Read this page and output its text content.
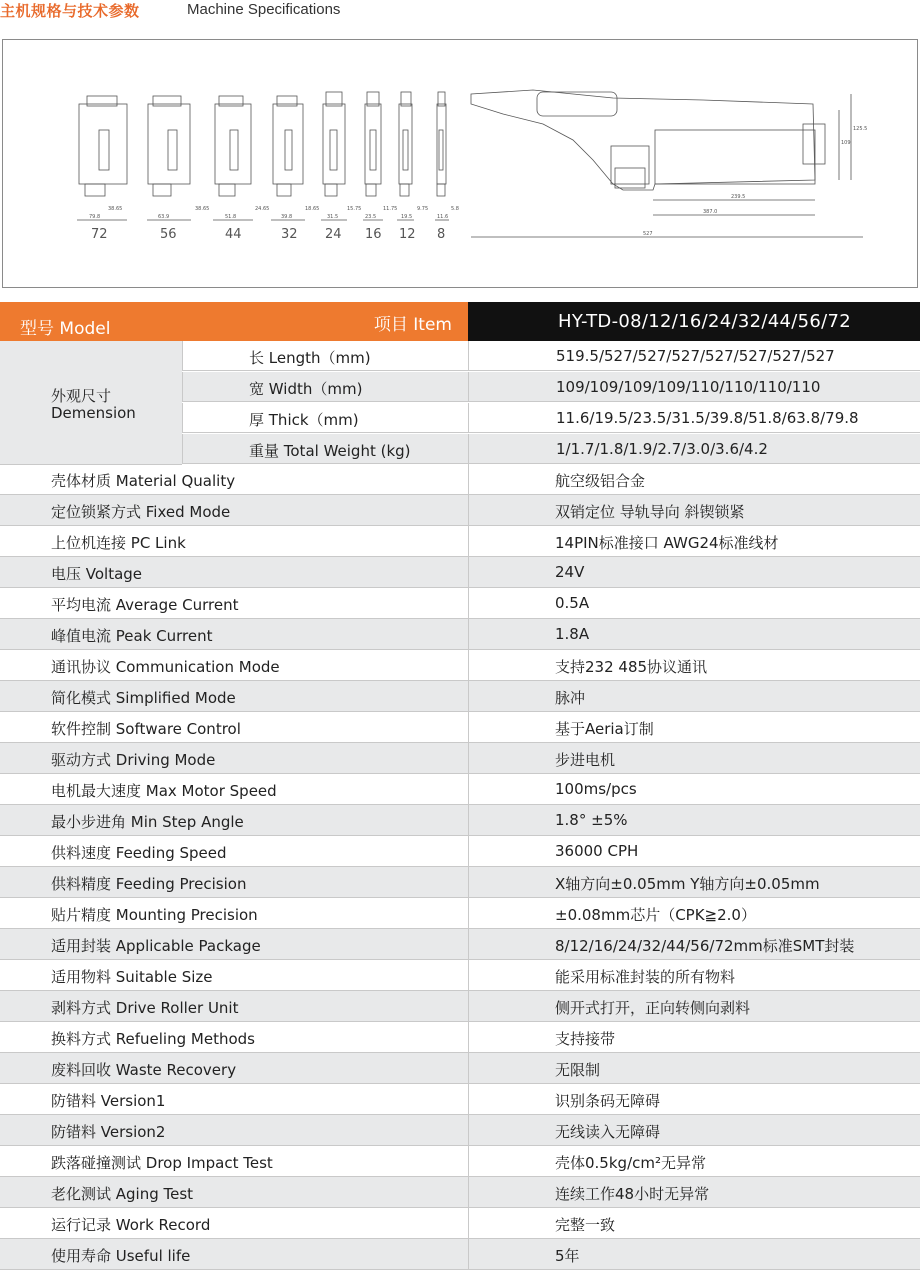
主机规格与技术参数	Machine Specifications
79.8
38.65
63.9
38.65
51.8
24.65
39.8
18.65
31.5
15.75
23.5
11.75
19.5
9.75
11.6
5.8
239.5
387.0
527
109
125.5
72	56	44	32 24 16 12 8
型号 Model	项目 Item	HY-TD-08/12/16/24/32/44/56/72
外观尺寸
Demension
长 Length（mm)	519.5/527/527/527/527/527/527/527
宽 Width（mm)	109/109/109/109/110/110/110/110
厚 Thick（mm)	11.6/19.5/23.5/31.5/39.8/51.8/63.8/79.8
重量 Total Weight (kg)	1/1.7/1.8/1.9/2.7/3.0/3.6/4.2
壳体材质 Material Quality	航空级铝合金
定位锁紧方式 Fixed Mode	双销定位 导轨导向 斜锲锁紧
上位机连接 PC Link	14PIN标准接口 AWG24标准线材
电压 Voltage	24V
平均电流 Average Current	0.5A
峰值电流 Peak Current	1.8A
通讯协议 Communication Mode	支持232 485协议通讯
简化模式 Simplified Mode	脉冲
软件控制 Software Control	基于Aeria订制
驱动方式 Driving Mode	步进电机
电机最大速度 Max Motor Speed	100ms/pcs
最小步进角 Min Step Angle	1.8° ±5%
供料速度 Feeding Speed	36000 CPH
供料精度 Feeding Precision	X轴方向±0.05mm Y轴方向±0.05mm
贴片精度 Mounting Precision	±0.08mm芯片（CPK≧2.0）
适用封装 Applicable Package	8/12/16/24/32/44/56/72mm标准SMT封装
适用物料 Suitable Size	能采用标准封装的所有物料
剥料方式 Drive Roller Unit	侧开式打开，正向转侧向剥料
换料方式 Refueling Methods	支持接带
废料回收 Waste Recovery	无限制
防错料 Version1	识别条码无障碍
防错料 Version2	无线读入无障碍
跌落碰撞测试 Drop Impact Test	壳体0.5kg/cm²无异常
老化测试 Aging Test	连续工作48小时无异常
运行记录 Work Record	完整一致
使用寿命 Useful life	5年
